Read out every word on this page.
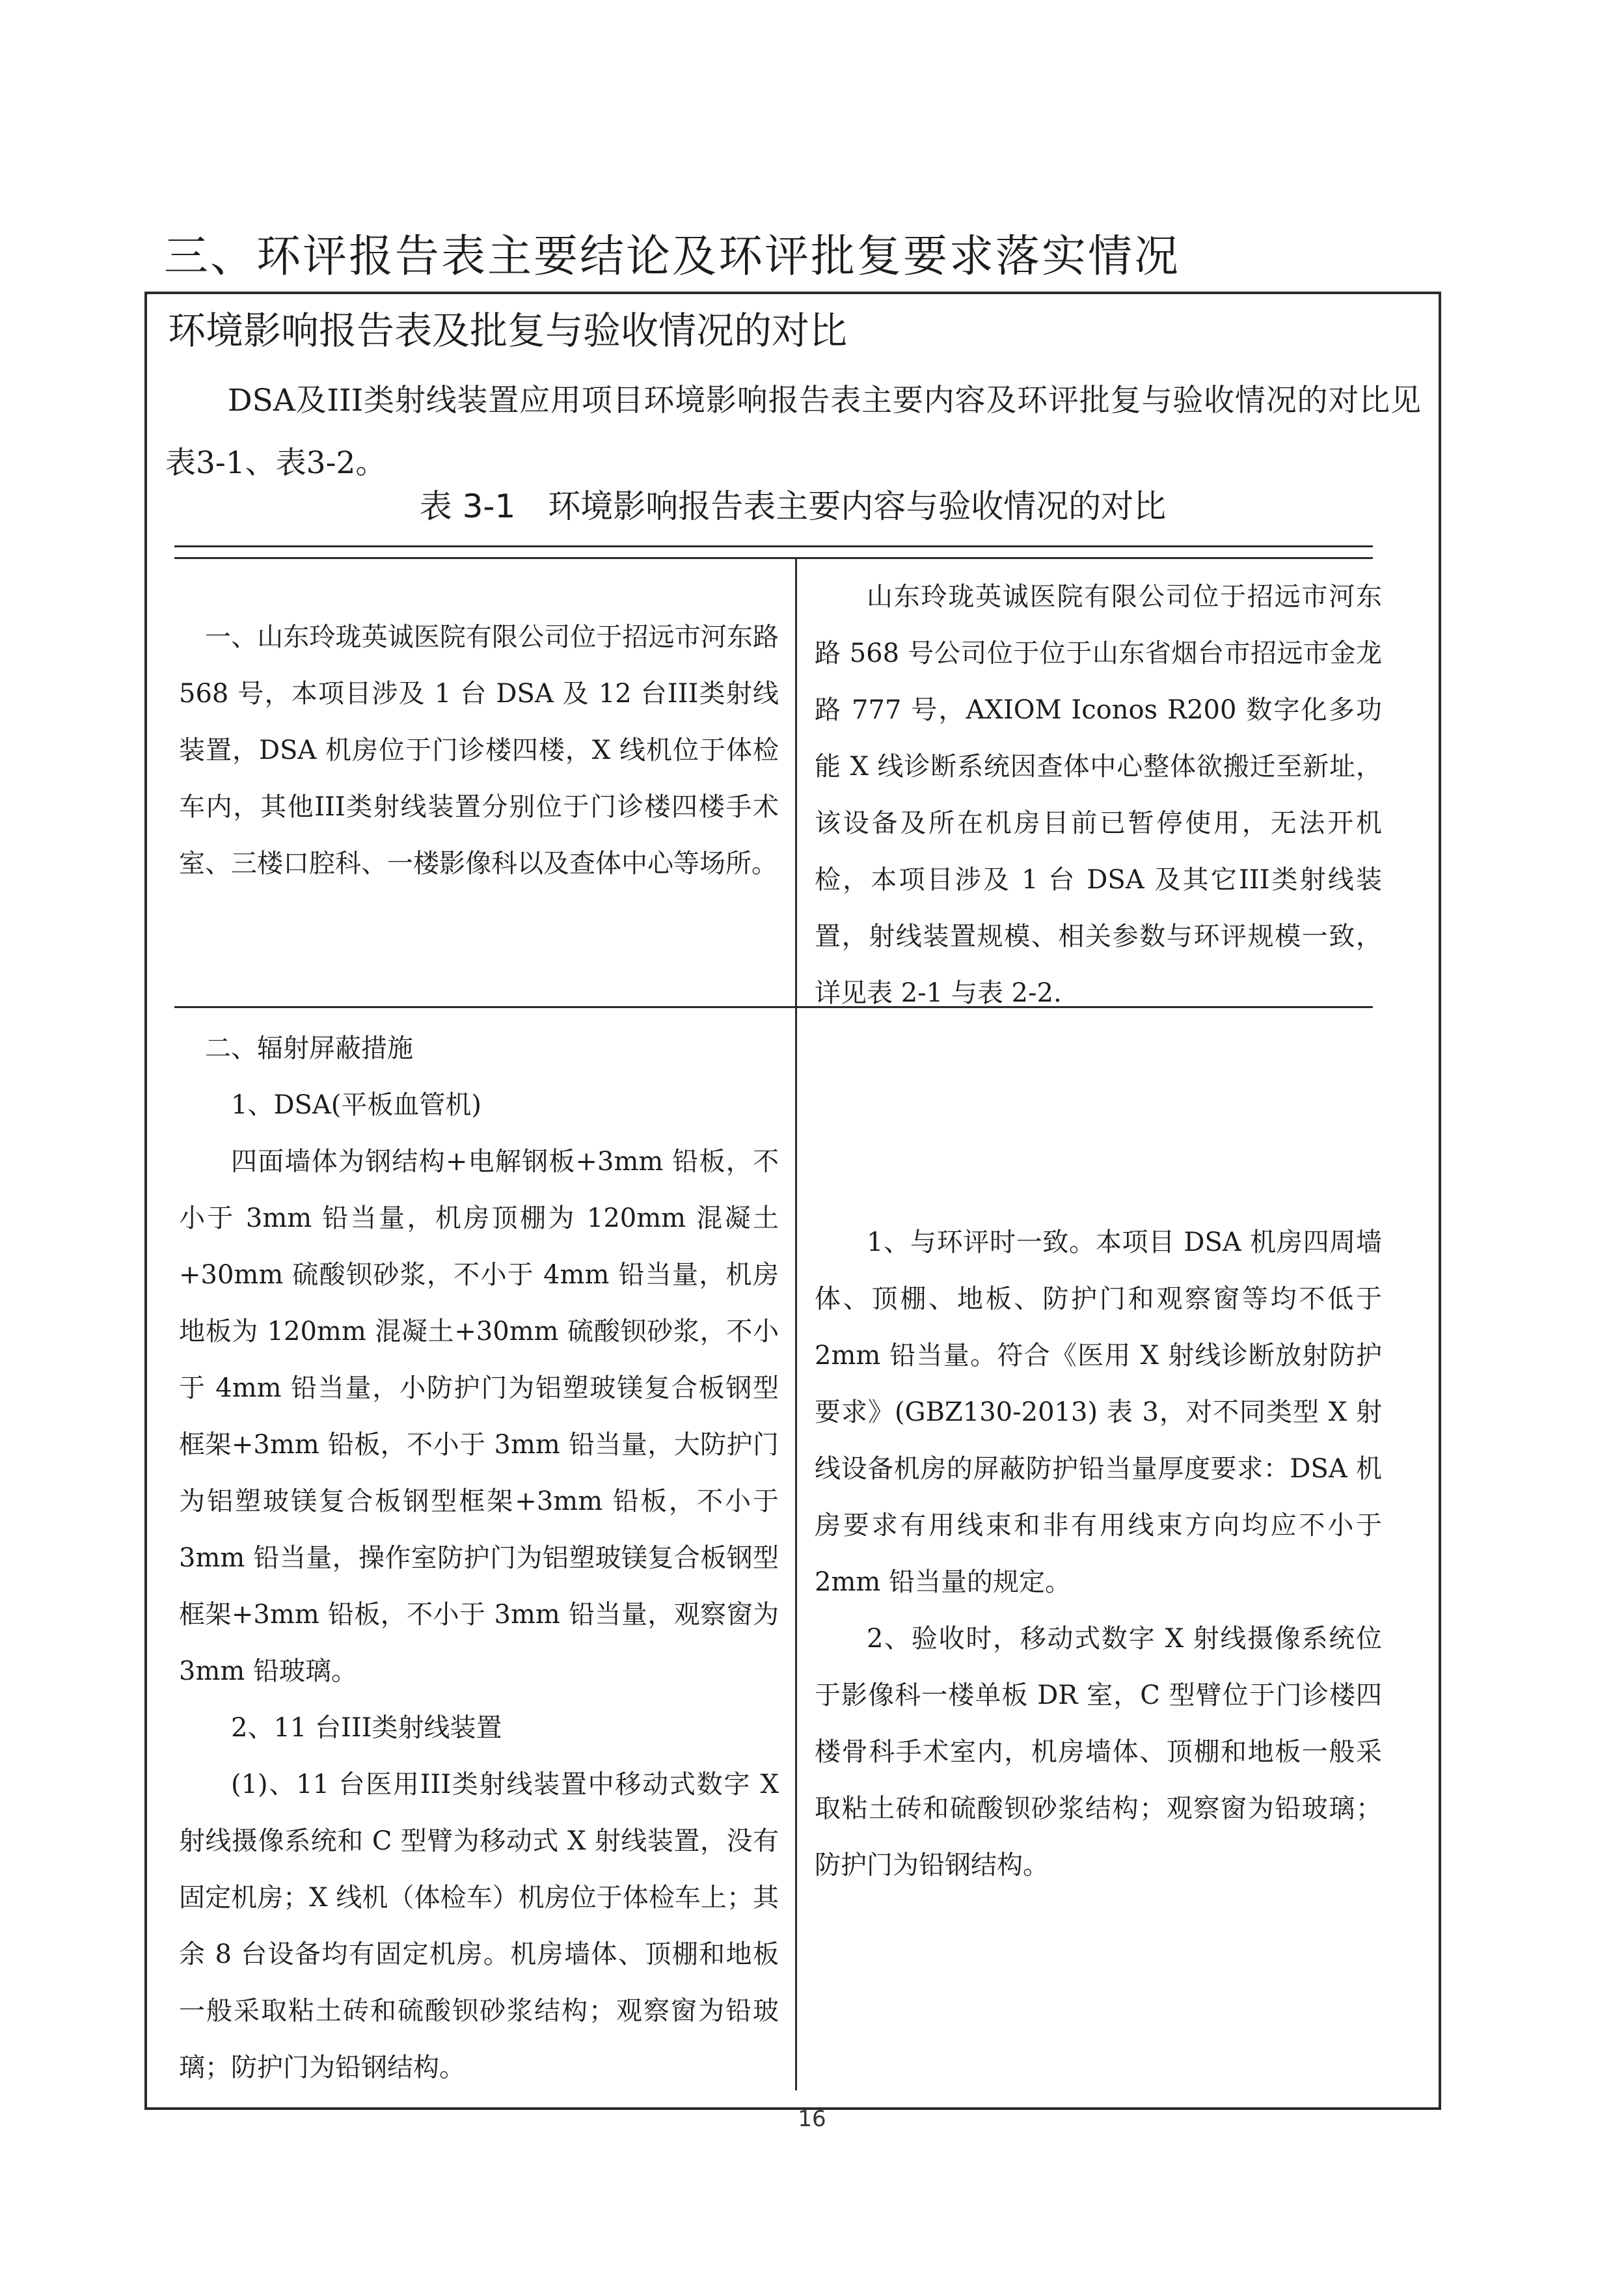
三、环评报告表主要结论及环评批复要求落实情况
环境影响报告表及批复与验收情况的对比

DSA及III类射线装置应用项目环境影响报告表主要内容及环评批复与验收情况的对比见表3-1、表3-2。

表 3-1　环境影响报告表主要内容与验收情况的对比

一、山东玲珑英诚医院有限公司位于招远市河东路 568 号，本项目涉及 1 台 DSA 及 12 台III类射线装置，DSA 机房位于门诊楼四楼，X 线机位于体检车内，其他III类射线装置分别位于门诊楼四楼手术室、三楼口腔科、一楼影像科以及查体中心等场所。

山东玲珑英诚医院有限公司位于招远市河东路 568 号公司位于位于山东省烟台市招远市金龙路 777 号，AXIOM Iconos R200 数字化多功能 X 线诊断系统因查体中心整体欲搬迁至新址，该设备及所在机房目前已暂停使用，无法开机检，本项目涉及 1 台 DSA 及其它III类射线装置，射线装置规模、相关参数与环评规模一致，详见表 2-1 与表 2-2.

二、辐射屏蔽措施

1、DSA(平板血管机)

四面墙体为钢结构+电解钢板+3mm 铅板，不小于 3mm 铅当量，机房顶棚为 120mm 混凝土+30mm 硫酸钡砂浆，不小于 4mm 铅当量，机房地板为 120mm 混凝土+30mm 硫酸钡砂浆，不小于 4mm 铅当量，小防护门为铝塑玻镁复合板钢型框架+3mm 铅板，不小于 3mm 铅当量，大防护门为铝塑玻镁复合板钢型框架+3mm 铅板，不小于 3mm 铅当量，操作室防护门为铝塑玻镁复合板钢型框架+3mm 铅板，不小于 3mm 铅当量，观察窗为 3mm 铅玻璃。

2、11 台III类射线装置

(1)、11 台医用III类射线装置中移动式数字 X 射线摄像系统和 C 型臂为移动式 X 射线装置，没有固定机房；X 线机（体检车）机房位于体检车上；其余 8 台设备均有固定机房。机房墙体、顶棚和地板一般采取粘土砖和硫酸钡砂浆结构；观察窗为铅玻璃；防护门为铅钢结构。

1、与环评时一致。本项目 DSA 机房四周墙体、顶棚、地板、防护门和观察窗等均不低于 2mm 铅当量。符合《医用 X 射线诊断放射防护要求》(GBZ130-2013) 表 3，对不同类型 X 射线设备机房的屏蔽防护铅当量厚度要求：DSA 机房要求有用线束和非有用线束方向均应不小于 2mm 铅当量的规定。

2、验收时，移动式数字 X 射线摄像系统位于影像科一楼单板 DR 室，C 型臂位于门诊楼四楼骨科手术室内，机房墙体、顶棚和地板一般采取粘土砖和硫酸钡砂浆结构；观察窗为铅玻璃；防护门为铅钢结构。

16
